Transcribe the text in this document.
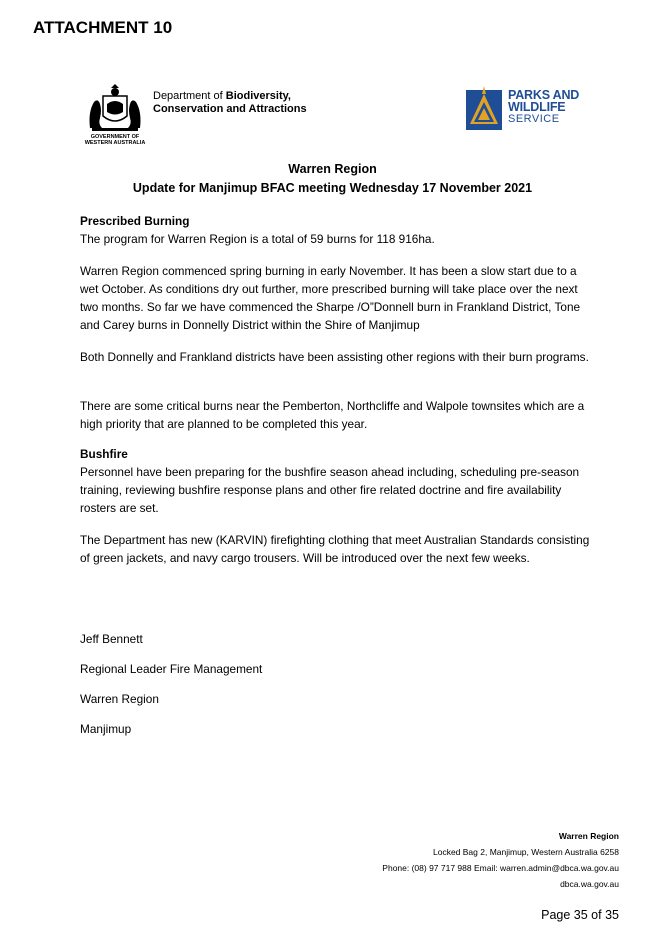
ATTACHMENT 10
GOVERNMENT OF
WESTERN AUSTRALIA
Department of Biodiversity,
Conservation and Attractions
PARKS AND
WILDLIFE
SERVICE
Warren Region
Update for Manjimup BFAC meeting Wednesday 17 November 2021

Prescribed Burning

The program for Warren Region is a total of 59 burns for 118 916ha.

Warren Region commenced spring burning in early November. It has been a slow start due to a wet October. As conditions dry out further, more prescribed burning will take place over the next two months. So far we have commenced the Sharpe /O”Donnell burn in Frankland District, Tone and Carey burns in Donnelly District within the Shire of Manjimup

Both Donnelly and Frankland districts have been assisting other regions with their burn programs.

There are some critical burns near the Pemberton, Northcliffe and Walpole townsites which are a high priority that are planned to be completed this year.

Bushfire

Personnel have been preparing for the bushfire season ahead including, scheduling pre-season training, reviewing bushfire response plans and other fire related doctrine and fire availability rosters are set.

The Department has new (KARVIN) firefighting clothing that meet Australian Standards consisting of green jackets, and navy cargo trousers. Will be introduced over the next few weeks.

Jeff Bennett
Regional Leader Fire Management
Warren Region
Manjimup
Warren Region
Locked Bag 2, Manjimup, Western Australia 6258
Phone: (08) 97 717 988 Email: warren.admin@dbca.wa.gov.au
dbca.wa.gov.au
Page 35 of 35
